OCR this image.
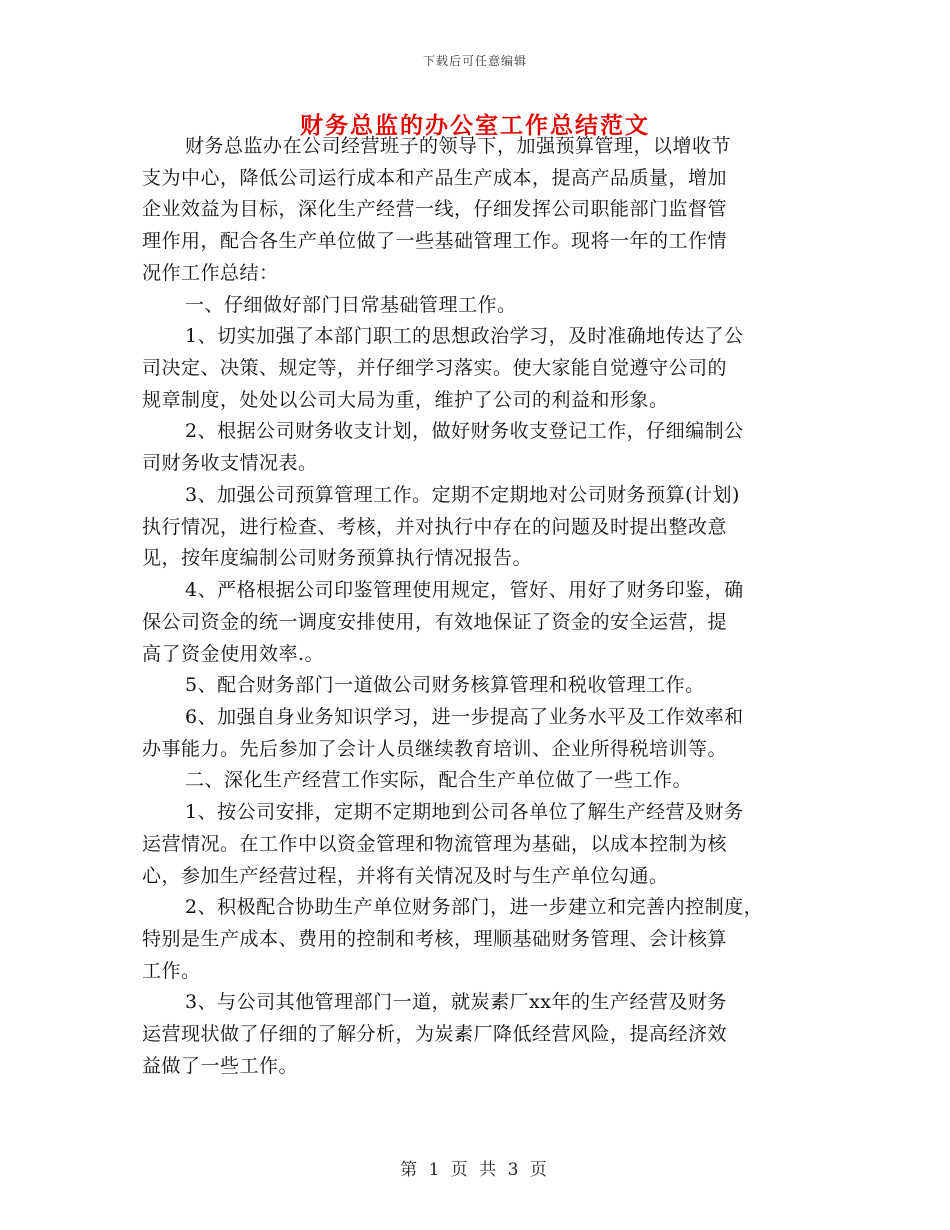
下载后可任意编辑
财务总监的办公室工作总结范文
财务总监办在公司经营班子的领导下，加强预算管理，以增收节
支为中心，降低公司运行成本和产品生产成本，提高产品质量，增加
企业效益为目标，深化生产经营一线，仔细发挥公司职能部门监督管
理作用，配合各生产单位做了一些基础管理工作。现将一年的工作情
况作工作总结：
一、仔细做好部门日常基础管理工作。
1、切实加强了本部门职工的思想政治学习，及时准确地传达了公
司决定、决策、规定等，并仔细学习落实。使大家能自觉遵守公司的
规章制度，处处以公司大局为重，维护了公司的利益和形象。
2、根据公司财务收支计划，做好财务收支登记工作，仔细编制公
司财务收支情况表。
3、加强公司预算管理工作。定期不定期地对公司财务预算(计划)
执行情况，进行检查、考核，并对执行中存在的问题及时提出整改意
见，按年度编制公司财务预算执行情况报告。
4、严格根据公司印鉴管理使用规定，管好、用好了财务印鉴，确
保公司资金的统一调度安排使用，有效地保证了资金的安全运营，提
高了资金使用效率.。
5、配合财务部门一道做公司财务核算管理和税收管理工作。
6、加强自身业务知识学习，进一步提高了业务水平及工作效率和
办事能力。先后参加了会计人员继续教育培训、企业所得税培训等。
二、深化生产经营工作实际，配合生产单位做了一些工作。
1、按公司安排，定期不定期地到公司各单位了解生产经营及财务
运营情况。在工作中以资金管理和物流管理为基础，以成本控制为核
心，参加生产经营过程，并将有关情况及时与生产单位勾通。
2、积极配合协助生产单位财务部门，进一步建立和完善内控制度，
特别是生产成本、费用的控制和考核，理顺基础财务管理、会计核算
工作。
3、与公司其他管理部门一道，就炭素厂xx年的生产经营及财务
运营现状做了仔细的了解分析，为炭素厂降低经营风险，提高经济效
益做了一些工作。
第 1 页 共 3 页
